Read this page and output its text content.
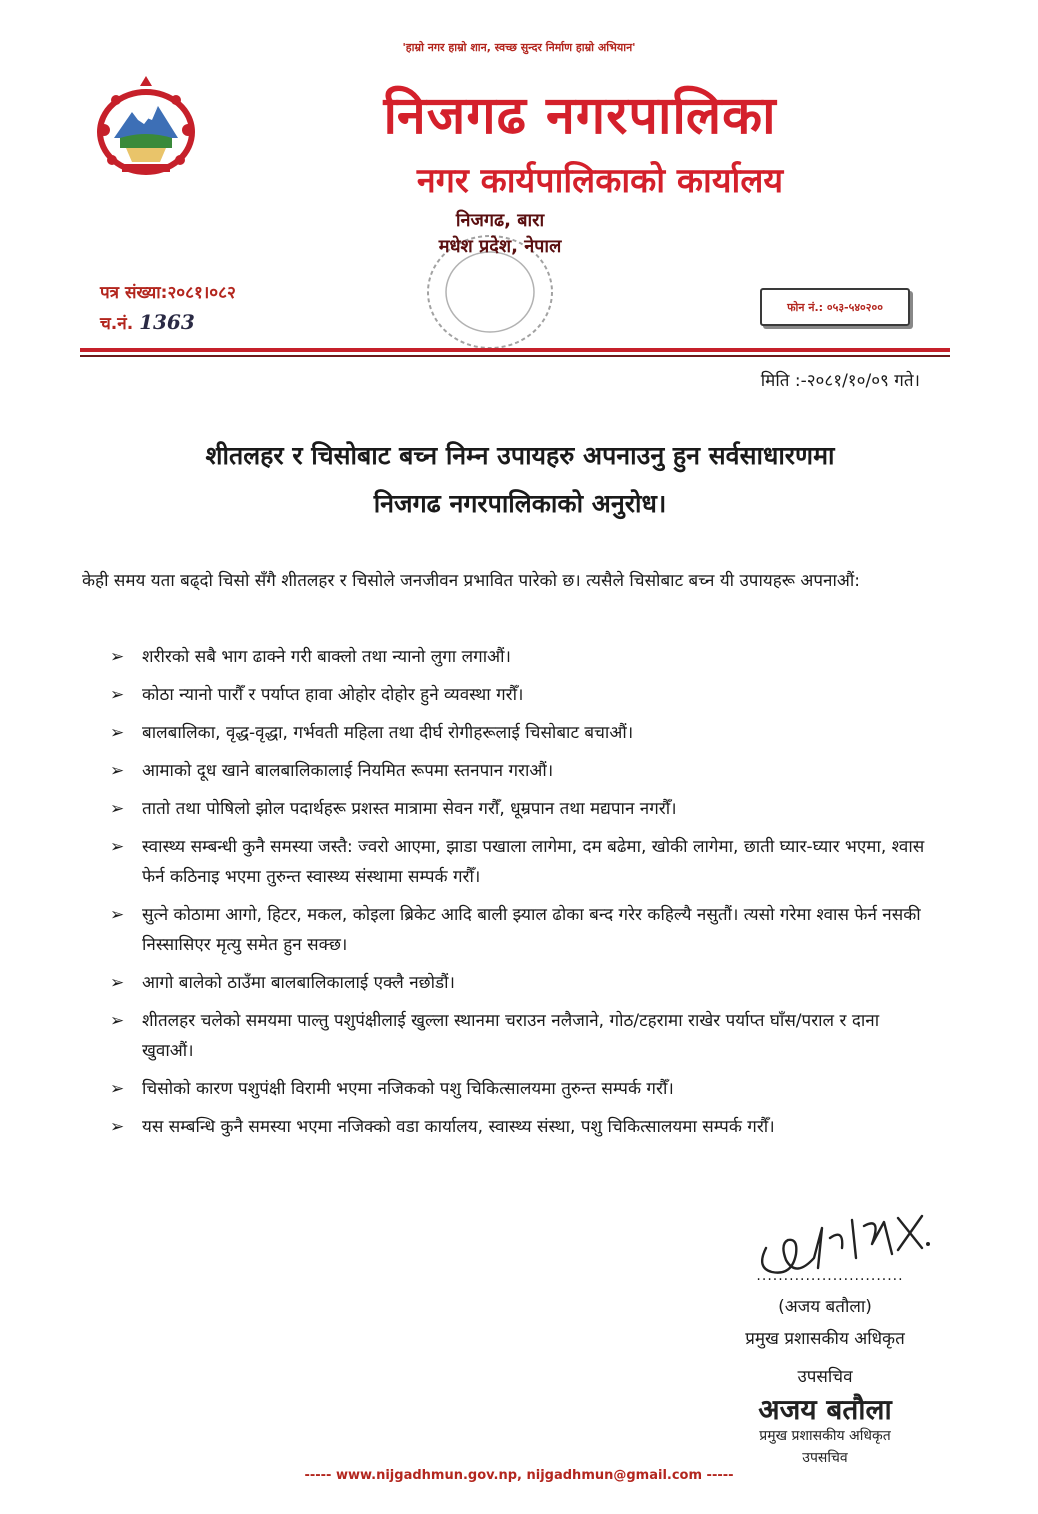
'हाम्रो नगर हाम्रो शान, स्वच्छ सुन्दर निर्माण हाम्रो अभियान'
निजगढ नगरपालिका
नगर कार्यपालिकाको कार्यालय
निजगढ, बारा
मधेश प्रदेश, नेपाल
पत्र संख्या:२०८१।०८२
च.नं. 1363
फोन नं.:
०५३-५४०२००
मिति :-२०८१/१०/०९ गते।
शीतलहर र चिसोबाट बच्न निम्न उपायहरु अपनाउनु हुन सर्वसाधारणमा
निजगढ नगरपालिकाको अनुरोध।
केही समय यता बढ्दो चिसो सँगै शीतलहर र चिसोले जनजीवन प्रभावित पारेको छ। त्यसैले चिसोबाट बच्न यी उपायहरू अपनाऔं:
➢	शरीरको सबै भाग ढाक्ने गरी बाक्लो तथा न्यानो लुगा लगाऔं।
➢	कोठा न्यानो पारौँ र पर्याप्त हावा ओहोर दोहोर हुने व्यवस्था गरौँ।
➢	बालबालिका, वृद्ध-वृद्धा, गर्भवती महिला तथा दीर्घ रोगीहरूलाई चिसोबाट बचाऔं।
➢	आमाको दूध खाने बालबालिकालाई नियमित रूपमा स्तनपान गराऔं।
➢	तातो तथा पोषिलो झोल पदार्थहरू प्रशस्त मात्रामा सेवन गरौँ, धूम्रपान तथा मद्यपान नगरौँ।
➢	स्वास्थ्य सम्बन्धी कुनै समस्या जस्तै: ज्वरो आएमा, झाडा पखाला लागेमा, दम बढेमा, खोकी लागेमा, छाती घ्यार-घ्यार भएमा, श्वास फेर्न कठिनाइ भएमा तुरुन्त स्वास्थ्य संस्थामा सम्पर्क गरौँ।
➢	सुत्ने कोठामा आगो, हिटर, मकल, कोइला ब्रिकेट आदि बाली झ्याल ढोका बन्द गरेर कहिल्यै नसुतौं। त्यसो गरेमा श्वास फेर्न नसकी निस्सासिएर मृत्यु समेत हुन सक्छ।
➢	आगो बालेको ठाउँमा बालबालिकालाई एक्लै नछोडौं।
➢	शीतलहर चलेको समयमा पाल्तु पशुपंक्षीलाई खुल्ला स्थानमा चराउन नलैजाने, गोठ/टहरामा राखेर पर्याप्त घाँस/पराल र दाना खुवाऔं।
➢	चिसोको कारण पशुपंक्षी विरामी भएमा नजिकको पशु चिकित्सालयमा तुरुन्त सम्पर्क गरौँ।
➢	यस सम्बन्धि कुनै समस्या भएमा नजिक्को वडा कार्यालय, स्वास्थ्य संस्था, पशु चिकित्सालयमा सम्पर्क गरौँ।
...........................
(अजय बतौला)
प्रमुख प्रशासकीय अधिकृत
उपसचिव
अजय बतौला
प्रमुख प्रशासकीय अधिकृत
उपसचिव
----- www.nijgadhmun.gov.np, nijgadhmun@gmail.com -----
